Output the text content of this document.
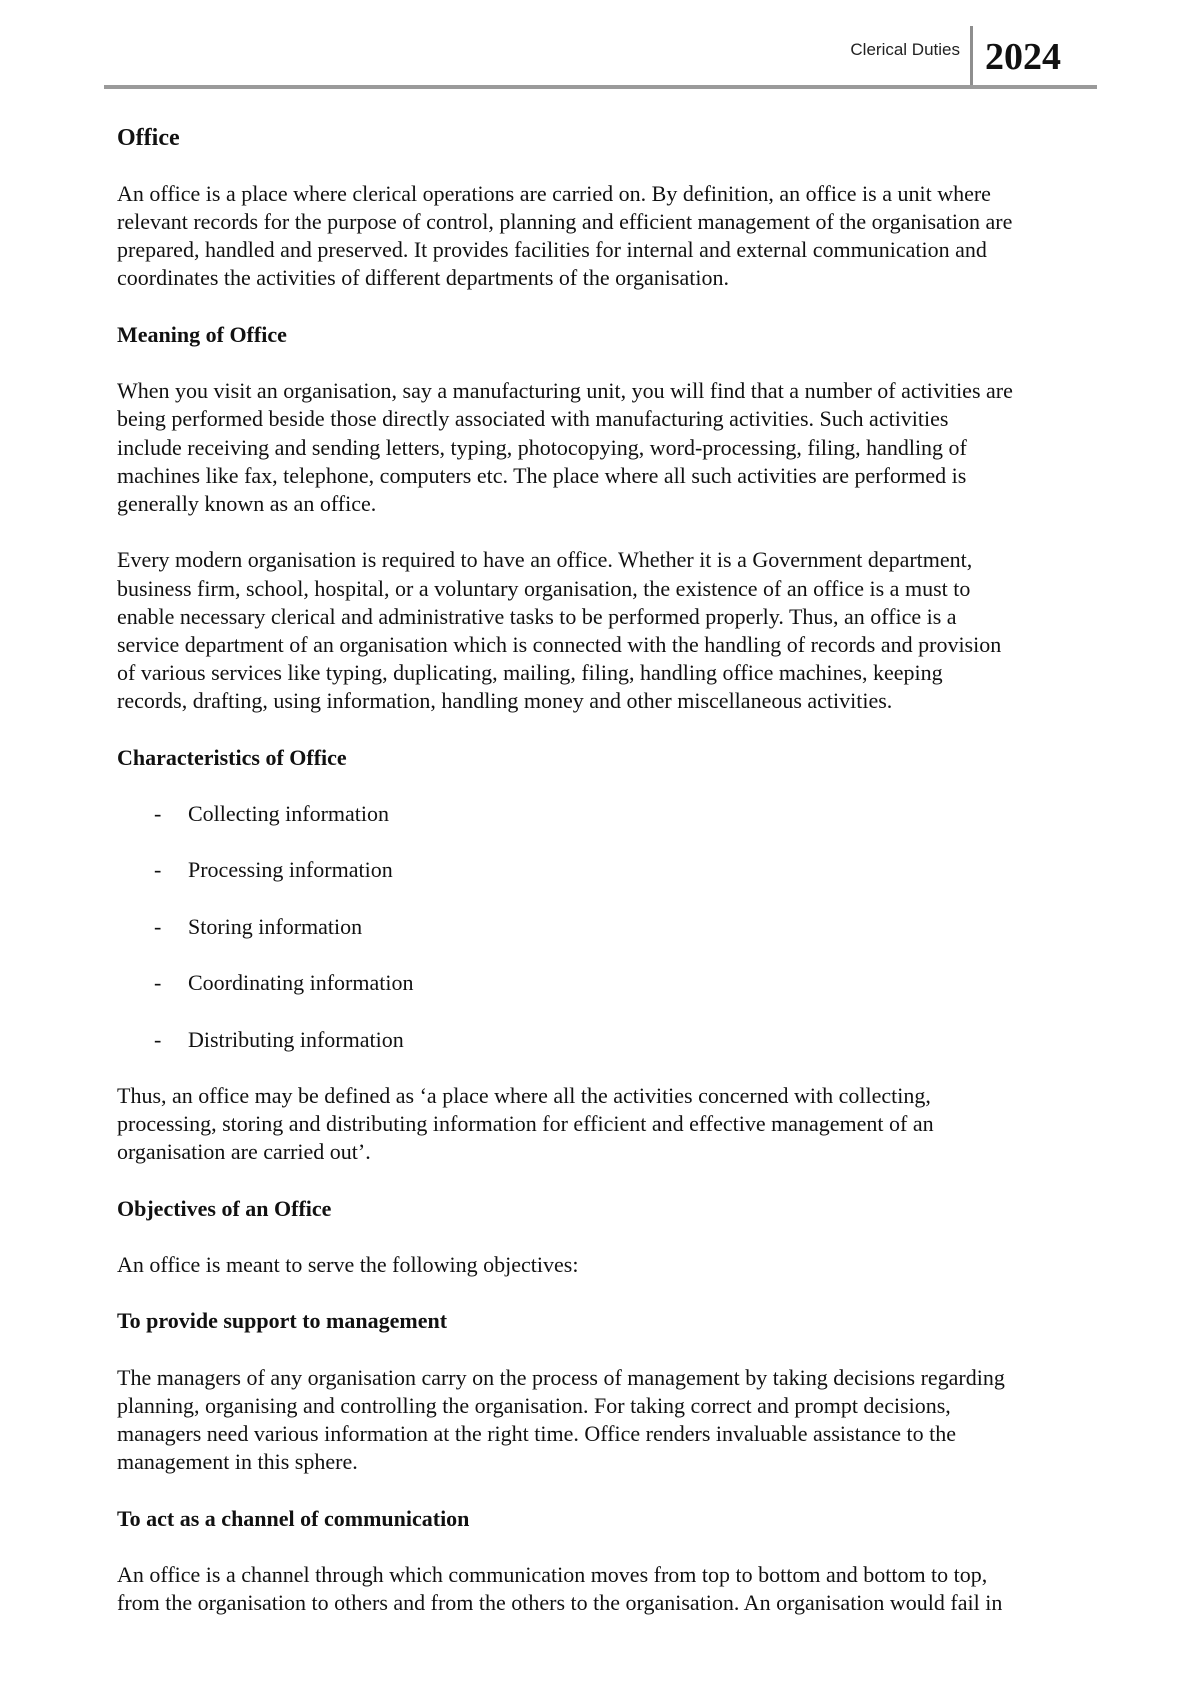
Clerical Duties 2024
Office

An office is a place where clerical operations are carried on. By definition, an office is a unit where
relevant records for the purpose of control, planning and efficient management of the organisation are
prepared, handled and preserved. It provides facilities for internal and external communication and
coordinates the activities of different departments of the organisation.

Meaning of Office

When you visit an organisation, say a manufacturing unit, you will find that a number of activities are
being performed beside those directly associated with manufacturing activities. Such activities
include receiving and sending letters, typing, photocopying, word-processing, filing, handling of
machines like fax, telephone, computers etc. The place where all such activities are performed is
generally known as an office.

Every modern organisation is required to have an office. Whether it is a Government department,
business firm, school, hospital, or a voluntary organisation, the existence of an office is a must to
enable necessary clerical and administrative tasks to be performed properly. Thus, an office is a
service department of an organisation which is connected with the handling of records and provision
of various services like typing, duplicating, mailing, filing, handling office machines, keeping
records, drafting, using information, handling money and other miscellaneous activities.

Characteristics of Office
- Collecting information
- Processing information
- Storing information
- Coordinating information
- Distributing information

Thus, an office may be defined as ‘a place where all the activities concerned with collecting,
processing, storing and distributing information for efficient and effective management of an
organisation are carried out’.

Objectives of an Office

An office is meant to serve the following objectives:

To provide support to management

The managers of any organisation carry on the process of management by taking decisions regarding
planning, organising and controlling the organisation. For taking correct and prompt decisions,
managers need various information at the right time. Office renders invaluable assistance to the
management in this sphere.

To act as a channel of communication

An office is a channel through which communication moves from top to bottom and bottom to top,
from the organisation to others and from the others to the organisation. An organisation would fail in
